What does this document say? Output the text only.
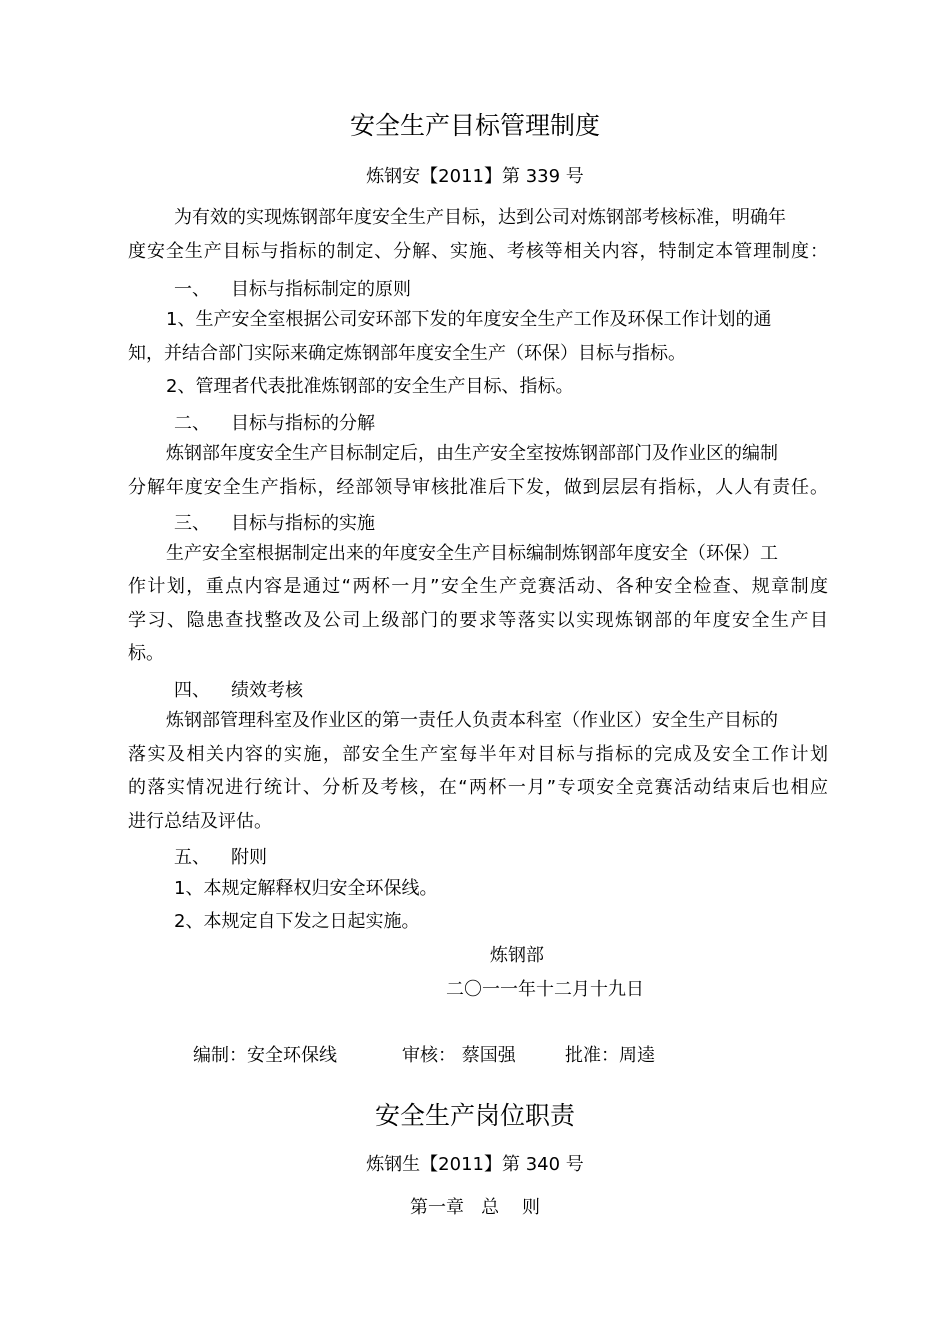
安全生产目标管理制度
炼钢安【2011】第 339 号
为有效的实现炼钢部年度安全生产目标，达到公司对炼钢部考核标准，明确年
度安全生产目标与指标的制定、分解、实施、考核等相关内容，特制定本管理制度：
一、 目标与指标制定的原则
1、生产安全室根据公司安环部下发的年度安全生产工作及环保工作计划的通
知，并结合部门实际来确定炼钢部年度安全生产（环保）目标与指标。
2、管理者代表批准炼钢部的安全生产目标、指标。
二、 目标与指标的分解
炼钢部年度安全生产目标制定后，由生产安全室按炼钢部部门及作业区的编制
分解年度安全生产指标，经部领导审核批准后下发，做到层层有指标，人人有责任。
三、 目标与指标的实施
生产安全室根据制定出来的年度安全生产目标编制炼钢部年度安全（环保）工
作计划，重点内容是通过“两杯一月”安全生产竞赛活动、各种安全检查、规章制度
学习、隐患查找整改及公司上级部门的要求等落实以实现炼钢部的年度安全生产目
标。
四、 绩效考核
炼钢部管理科室及作业区的第一责任人负责本科室（作业区）安全生产目标的
落实及相关内容的实施，部安全生产室每半年对目标与指标的完成及安全工作计划
的落实情况进行统计、分析及考核，在“两杯一月”专项安全竞赛活动结束后也相应
进行总结及评估。
五、 附则
1、本规定解释权归安全环保线。
2、本规定自下发之日起实施。
炼钢部
二〇一一年十二月十九日
编制：安全环保线	审核： 蔡国强	批准：周逵
安全生产岗位职责
炼钢生【2011】第 340 号
第一章   总    则
